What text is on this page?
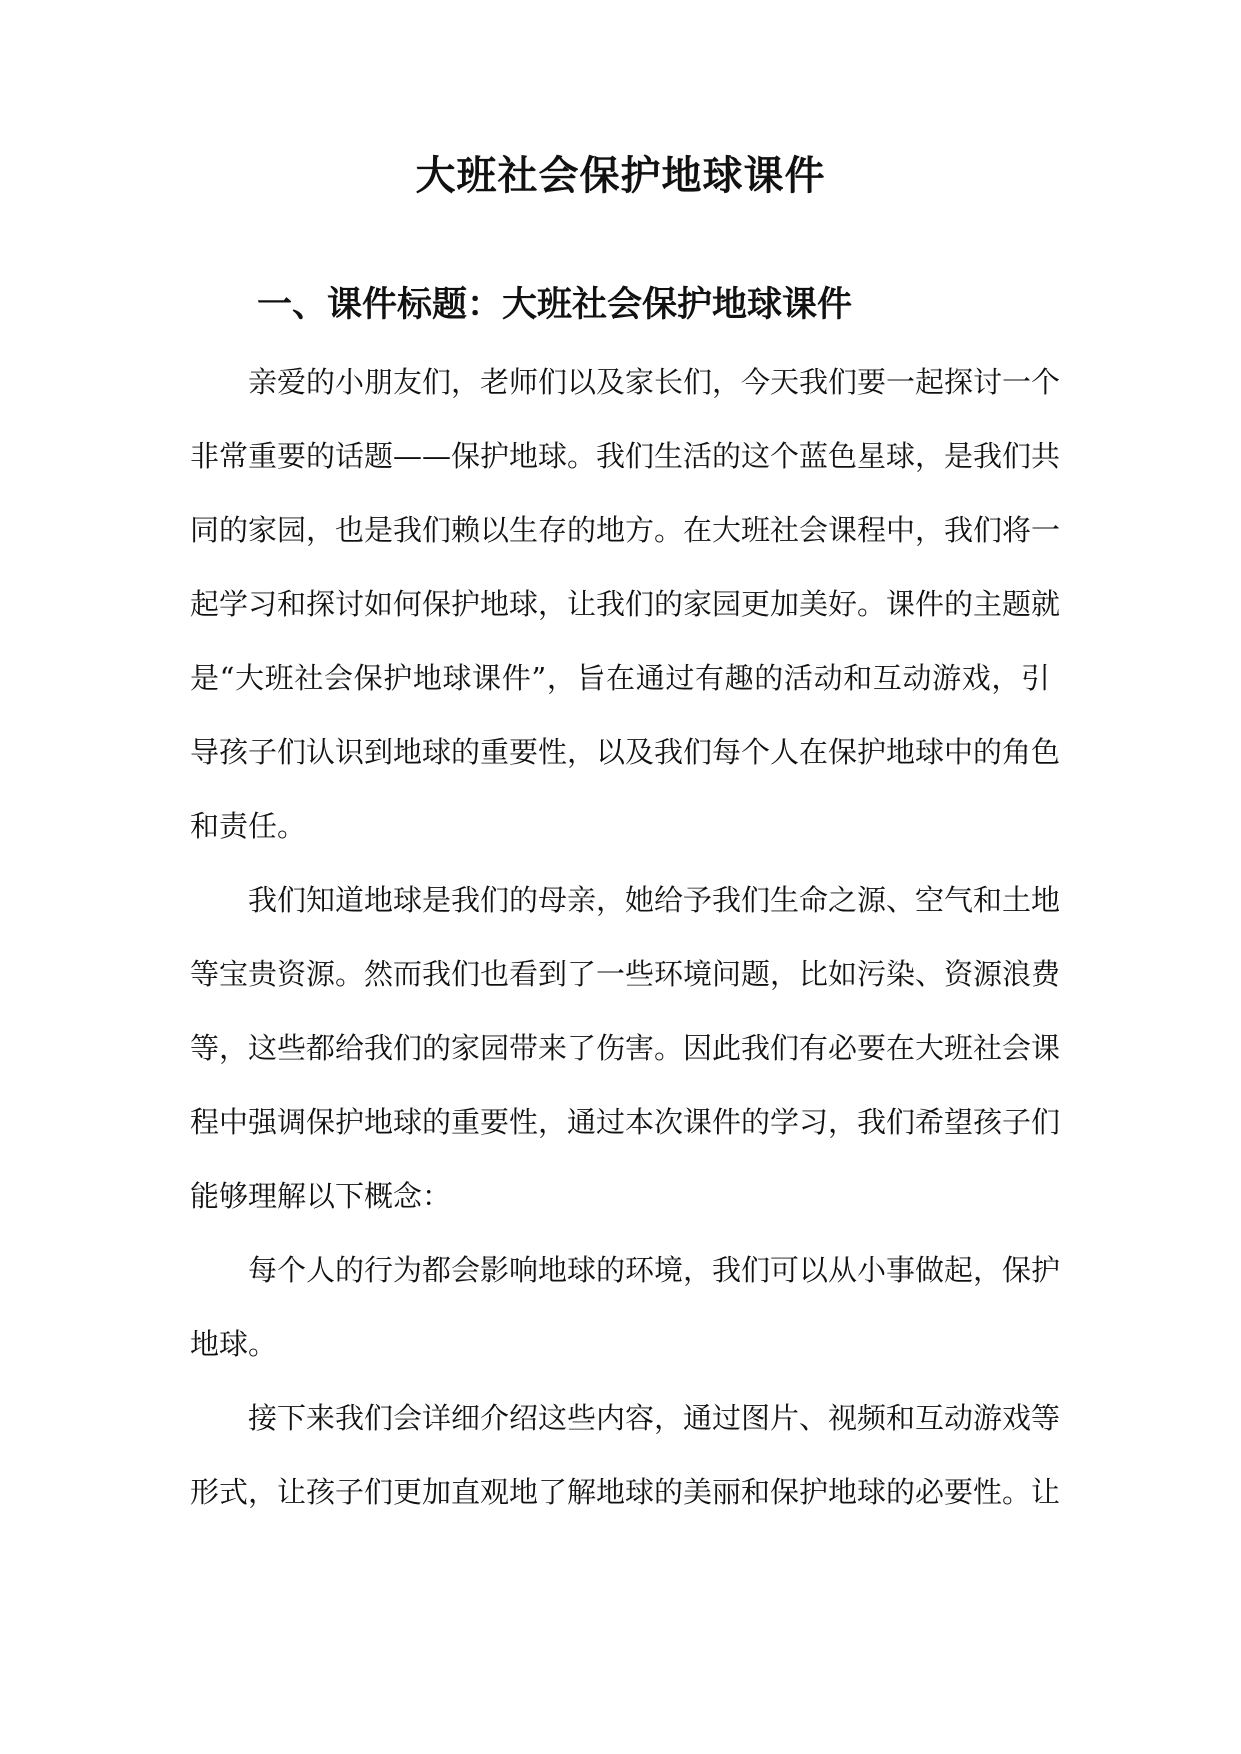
大班社会保护地球课件
一、课件标题：大班社会保护地球课件
亲爱的小朋友们，老师们以及家长们，今天我们要一起探讨一个
非常重要的话题——保护地球。我们生活的这个蓝色星球，是我们共
同的家园，也是我们赖以生存的地方。在大班社会课程中，我们将一
起学习和探讨如何保护地球，让我们的家园更加美好。课件的主题就
是“大班社会保护地球课件”，旨在通过有趣的活动和互动游戏，引
导孩子们认识到地球的重要性，以及我们每个人在保护地球中的角色
和责任。
我们知道地球是我们的母亲，她给予我们生命之源、空气和土地
等宝贵资源。然而我们也看到了一些环境问题，比如污染、资源浪费
等，这些都给我们的家园带来了伤害。因此我们有必要在大班社会课
程中强调保护地球的重要性，通过本次课件的学习，我们希望孩子们
能够理解以下概念：
每个人的行为都会影响地球的环境，我们可以从小事做起，保护
地球。
接下来我们会详细介绍这些内容，通过图片、视频和互动游戏等
形式，让孩子们更加直观地了解地球的美丽和保护地球的必要性。让
